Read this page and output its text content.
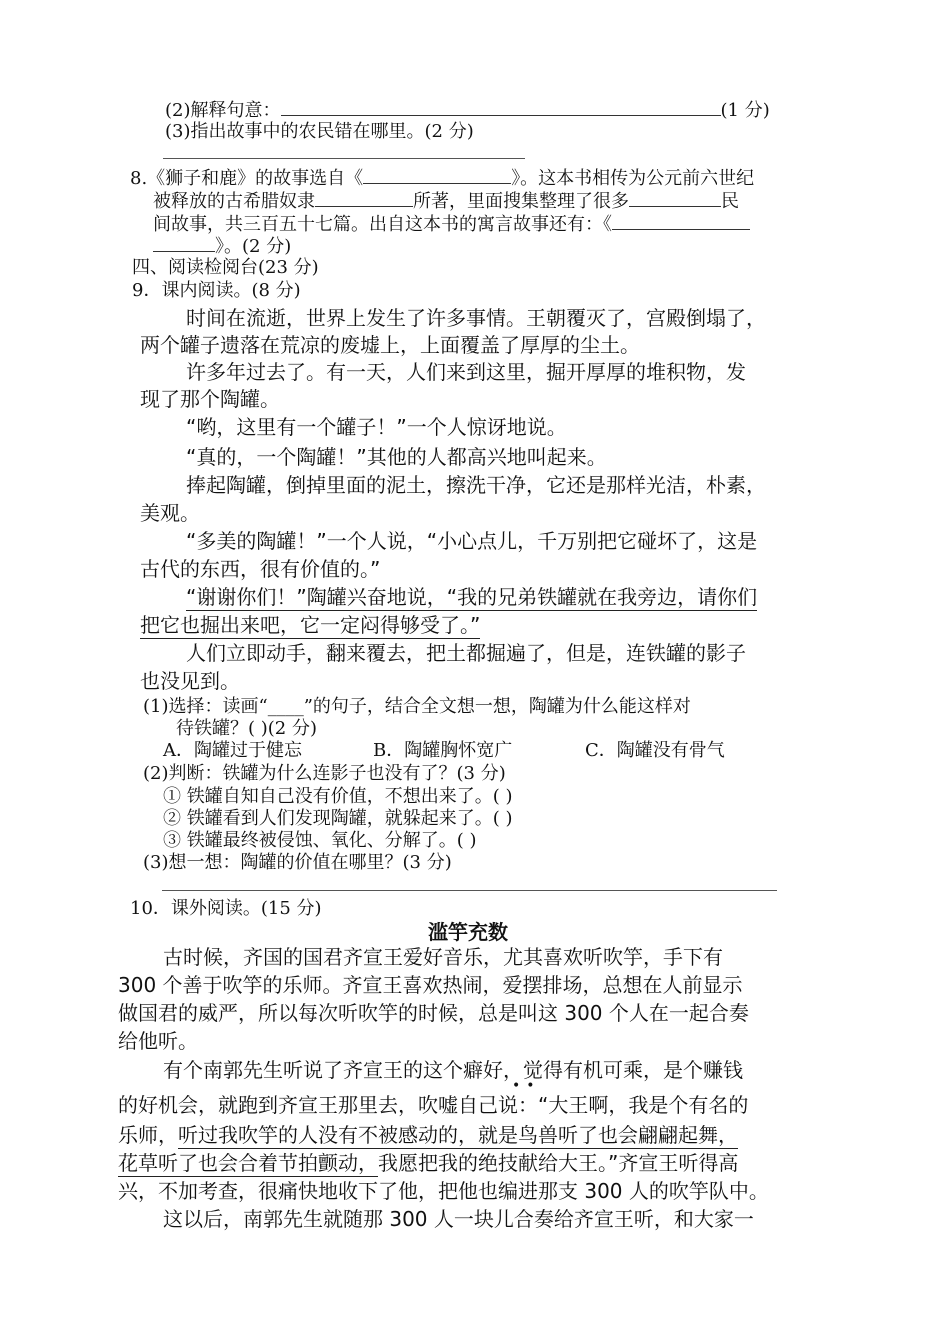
(2)解释句意：	(1 分)
(3)指出故事中的农民错在哪里。(2 分)
8.《狮子和鹿》的故事选自《	》。这本书相传为公元前六世纪
被释放的古希腊奴隶	所著，里面搜集整理了很多	民
间故事，共三百五十七篇。出自这本书的寓言故事还有：《
》。(2 分)
四、阅读检阅台(23 分)
9．课内阅读。(8 分)
时间在流逝，世界上发生了许多事情。王朝覆灭了，宫殿倒塌了，
两个罐子遗落在荒凉的废墟上，上面覆盖了厚厚的尘土。
许多年过去了。有一天，人们来到这里，掘开厚厚的堆积物，发
现了那个陶罐。
“哟，这里有一个罐子！”一个人惊讶地说。
“真的，一个陶罐！”其他的人都高兴地叫起来。
捧起陶罐，倒掉里面的泥土，擦洗干净，它还是那样光洁，朴素，
美观。
“多美的陶罐！”一个人说，“小心点儿，千万别把它碰坏了，这是
古代的东西，很有价值的。”
“谢谢你们！”陶罐兴奋地说，“我的兄弟铁罐就在我旁边，请你们
把它也掘出来吧，它一定闷得够受了。”
人们立即动手，翻来覆去，把土都掘遍了，但是，连铁罐的影子
也没见到。
(1)选择：读画“____”的句子，结合全文想一想，陶罐为什么能这样对
待铁罐？( )(2 分)
A．陶罐过于健忘	B．陶罐胸怀宽广	C．陶罐没有骨气
(2)判断：铁罐为什么连影子也没有了？(3 分)
① 铁罐自知自己没有价值，不想出来了。( )
② 铁罐看到人们发现陶罐，就躲起来了。( )
③ 铁罐最终被侵蚀、氧化、分解了。( )
(3)想一想：陶罐的价值在哪里？(3 分)
10．课外阅读。(15 分)
滥竽充数
古时候，齐国的国君齐宣王爱好音乐，尤其喜欢听吹竽，手下有
300 个善于吹竽的乐师。齐宣王喜欢热闹，爱摆排场，总想在人前显示
做国君的威严，所以每次听吹竽的时候，总是叫这 300 个人在一起合奏
给他听。
有个南郭先生听说了齐宣王的这个癖好，觉得有机可乘，是个赚钱
••
的好机会，就跑到齐宣王那里去，吹嘘自己说：“大王啊，我是个有名的
乐师，听过我吹竽的人没有不被感动的，就是鸟兽听了也会翩翩起舞，
花草听了也会合着节拍颤动，我愿把我的绝技献给大王。”齐宣王听得高
兴，不加考查，很痛快地收下了他，把他也编进那支 300 人的吹竽队中。
这以后，南郭先生就随那 300 人一块儿合奏给齐宣王听，和大家一
